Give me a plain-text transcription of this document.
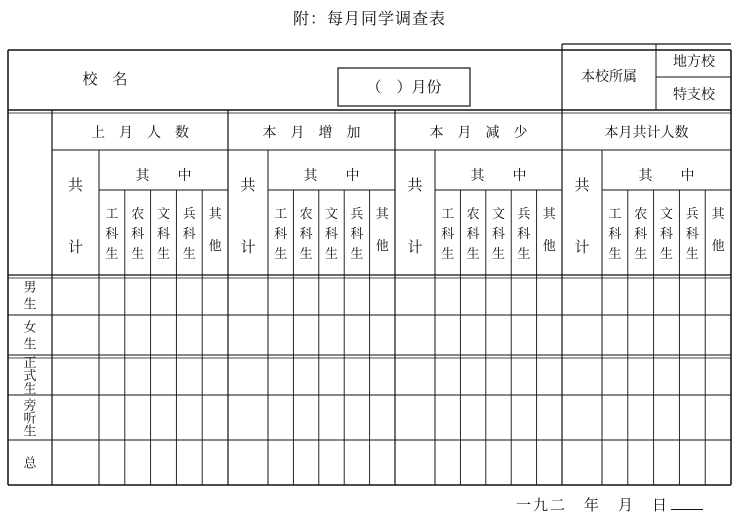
附：每月同学调查表
校　名	（　）月份
本校所属
地方校
特支校
上　月　人　数
共
计
其　　中
工
科
生
农
科
生
文
科
生
兵
科
生
其
他
本　月　增　加
共
计
其　　中
工
科
生
农
科
生
文
科
生
兵
科
生
其
他
本　月　减　少
共
计
其　　中
工
科
生
农
科
生
文
科
生
兵
科
生
其
他
本月共计人数
共
计
其　　中
工
科
生
农
科
生
文
科
生
兵
科
生
其
他
男
生
女
生
正
式
生
旁
听
生
总
一九二　年　月　日
